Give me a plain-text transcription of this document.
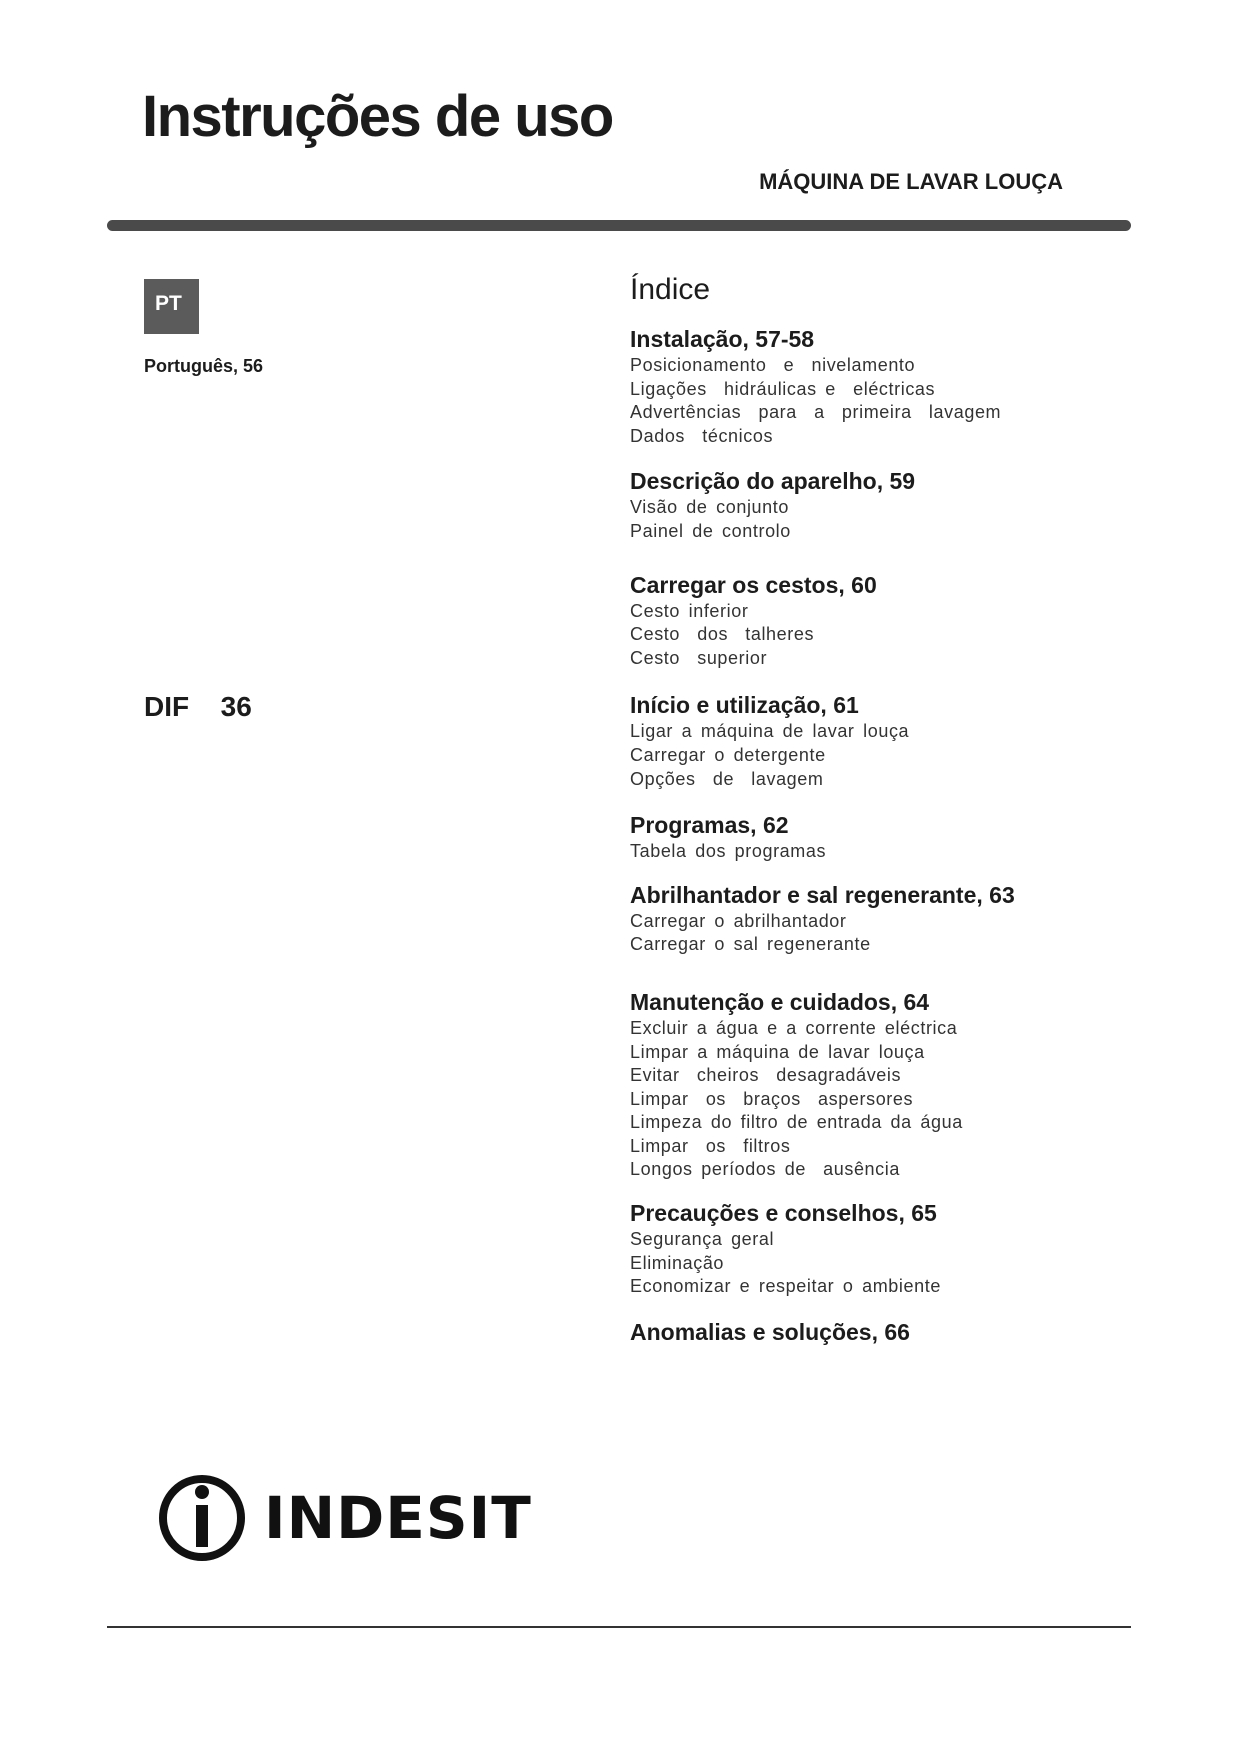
Instruções de uso
MÁQUINA DE LAVAR LOUÇA
PT
Português, 56
DIF  36
Índice
Instalação, 57-58
Posicionamento  e  nivelamento
Ligações  hidráulicas e  eléctricas
Advertências  para  a  primeira  lavagem
Dados  técnicos
Descrição do aparelho, 59
Visão de conjunto
Painel de controlo
Carregar os cestos, 60
Cesto inferior
Cesto  dos  talheres
Cesto  superior
Início e utilização, 61
Ligar a máquina de lavar louça
Carregar o detergente
Opções  de  lavagem
Programas, 62
Tabela dos programas
Abrilhantador e sal regenerante, 63
Carregar o abrilhantador
Carregar o sal regenerante
Manutenção e cuidados, 64
Excluir a água e a corrente eléctrica
Limpar a máquina de lavar louça
Evitar  cheiros  desagradáveis
Limpar  os  braços  aspersores
Limpeza do filtro de entrada da água
Limpar  os  filtros
Longos períodos de  ausência
Precauções e conselhos, 65
Segurança geral
Eliminação
Economizar e respeitar o ambiente
Anomalias e soluções, 66
INDESIT
